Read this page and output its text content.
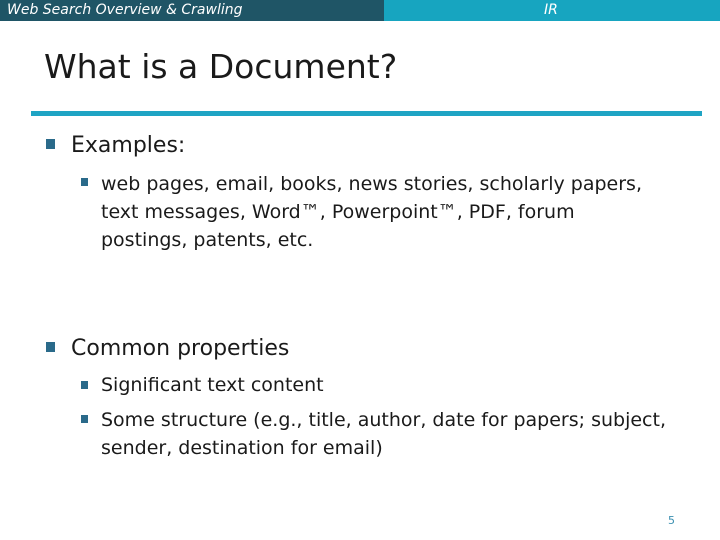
Web Search Overview & Crawling	IR
What is a Document?
Examples:
web pages, email, books, news stories, scholarly papers,
text messages, Word™, Powerpoint™, PDF, forum
postings, patents, etc.
Common properties
Significant text content
Some structure (e.g., title, author, date for papers; subject,
sender, destination for email)
5
